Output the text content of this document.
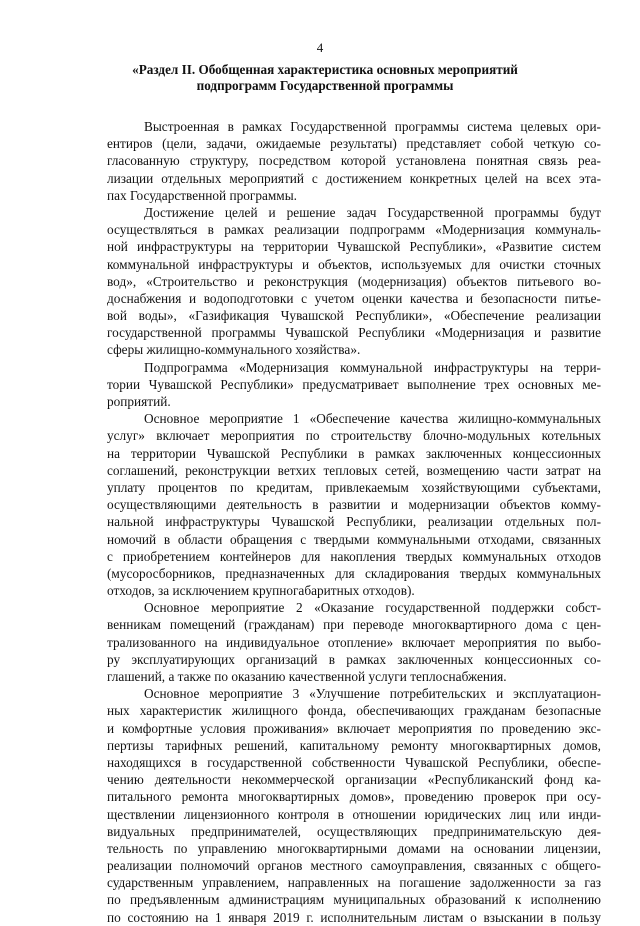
4
«Раздел II. Обобщенная характеристика основных мероприятий
подпрограмм Государственной программы
Выстроенная в рамках Государственной программы система целевых ори-
ентиров (цели, задачи, ожидаемые результаты) представляет собой четкую со-
гласованную структуру, посредством которой установлена понятная связь реа-
лизации отдельных мероприятий с достижением конкретных целей на всех эта-
пах Государственной программы.
Достижение целей и решение задач Государственной программы будут
осуществляться в рамках реализации подпрограмм «Модернизация коммуналь-
ной инфраструктуры на территории Чувашской Республики», «Развитие систем
коммунальной инфраструктуры и объектов, используемых для очистки сточных
вод», «Строительство и реконструкция (модернизация) объектов питьевого во-
доснабжения и водоподготовки с учетом оценки качества и безопасности питье-
вой воды», «Газификация Чувашской Республики», «Обеспечение реализации
государственной программы Чувашской Республики «Модернизация и развитие
сферы жилищно-коммунального хозяйства».
Подпрограмма «Модернизация коммунальной инфраструктуры на терри-
тории Чувашской Республики» предусматривает выполнение трех основных ме-
роприятий.
Основное мероприятие 1 «Обеспечение качества жилищно-коммунальных
услуг» включает мероприятия по строительству блочно-модульных котельных
на территории Чувашской Республики в рамках заключенных концессионных
соглашений, реконструкции ветхих тепловых сетей, возмещению части затрат на
уплату процентов по кредитам, привлекаемым хозяйствующими субъектами,
осуществляющими деятельность в развитии и модернизации объектов комму-
нальной инфраструктуры Чувашской Республики, реализации отдельных пол-
номочий в области обращения с твердыми коммунальными отходами, связанных
с приобретением контейнеров для накопления твердых коммунальных отходов
(мусоросборников, предназначенных для складирования твердых коммунальных
отходов, за исключением крупногабаритных отходов).
Основное мероприятие 2 «Оказание государственной поддержки собст-
венникам помещений (гражданам) при переводе многоквартирного дома с цен-
трализованного на индивидуальное отопление» включает мероприятия по выбо-
ру эксплуатирующих организаций в рамках заключенных концессионных со-
глашений, а также по оказанию качественной услуги теплоснабжения.
Основное мероприятие 3 «Улучшение потребительских и эксплуатацион-
ных характеристик жилищного фонда, обеспечивающих гражданам безопасные
и комфортные условия проживания» включает мероприятия по проведению экс-
пертизы тарифных решений, капитальному ремонту многоквартирных домов,
находящихся в государственной собственности Чувашской Республики, обеспе-
чению деятельности некоммерческой организации «Республиканский фонд ка-
питального ремонта многоквартирных домов», проведению проверок при осу-
ществлении лицензионного контроля в отношении юридических лиц или инди-
видуальных предпринимателей, осуществляющих предпринимательскую дея-
тельность по управлению многоквартирными домами на основании лицензии,
реализации полномочий органов местного самоуправления, связанных с общего-
сударственным управлением, направленных на погашение задолженности за газ
по предъявленным администрациям муниципальных образований к исполнению
по состоянию на 1 января 2019 г. исполнительным листам о взыскании в пользу
